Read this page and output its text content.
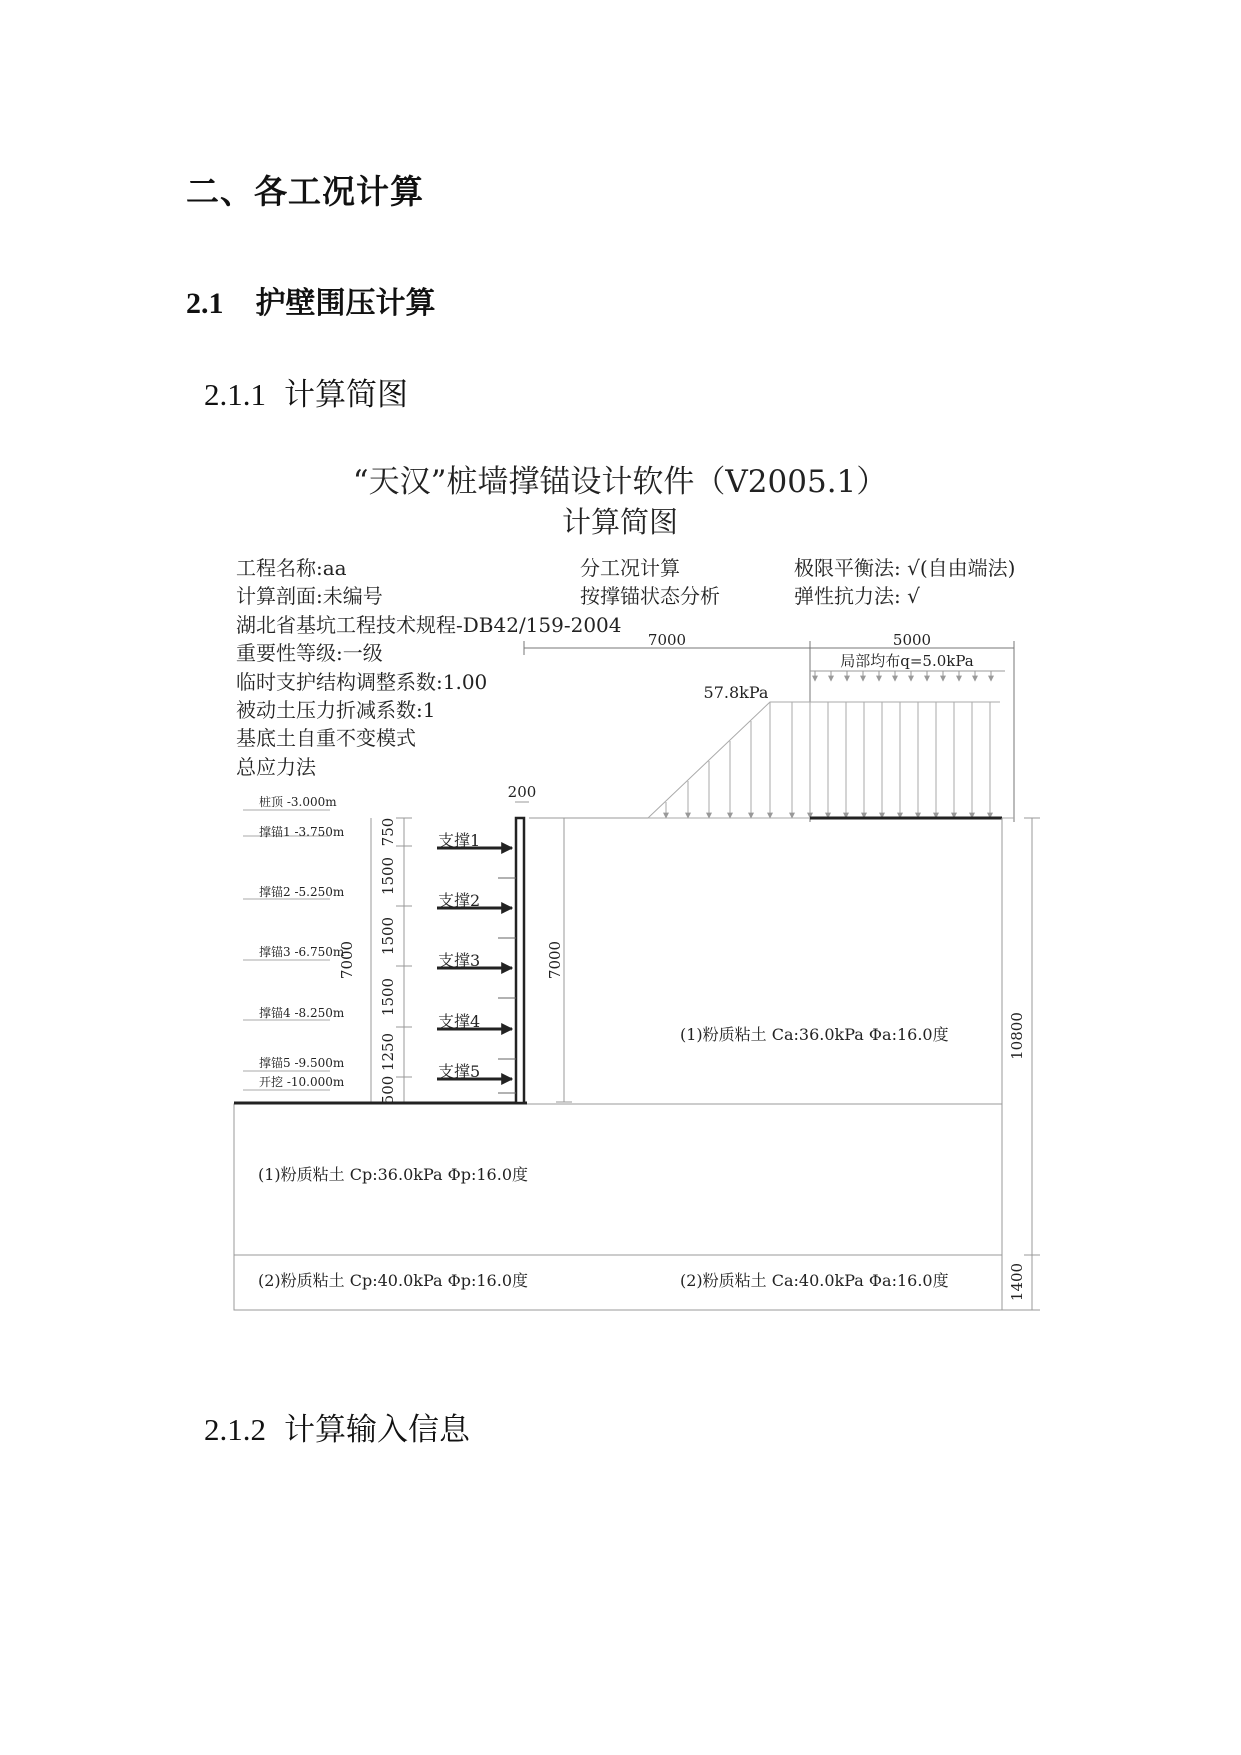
二、各工况计算
2.1 护壁围压计算
2.1.1 计算简图
“天汉”桩墙撑锚设计软件（V2005.1）
计算简图
工程名称:aa
计算剖面:未编号
湖北省基坑工程技术规程-DB42/159-2004
重要性等级:一级
临时支护结构调整系数:1.00
被动土压力折减系数:1
基底土自重不变模式
总应力法
分工况计算
按撑锚状态分析
极限平衡法: √(自由端法)
弹性抗力法: √
7000	5000
局部均布q=5.0kPa
57.8kPa
桩顶 -3.000m
撑锚1 -3.750m
撑锚2 -5.250m
撑锚3 -6.750m
撑锚4 -8.250m
撑锚5 -9.500m
开挖 -10.000m
750
1500
1500
1500
1250
500
7000	7000
10800
1400
200
支撑1
支撑2
支撑3
支撑4
支撑5
(1)粉质粘土 Ca:36.0kPa Φa:16.0度
(1)粉质粘土 Cp:36.0kPa Φp:16.0度
(2)粉质粘土 Cp:40.0kPa Φp:16.0度	(2)粉质粘土 Ca:40.0kPa Φa:16.0度
2.1.2 计算输入信息
